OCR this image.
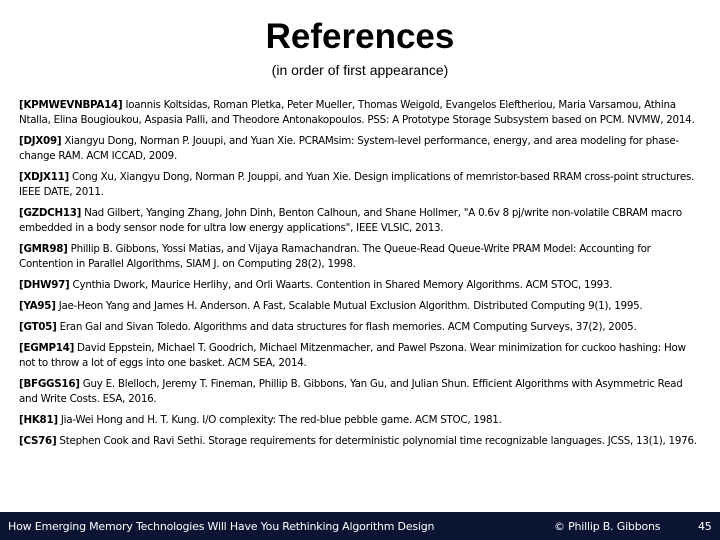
References
(in order of first appearance)

[KPMWEVNBPA14] Ioannis Koltsidas, Roman Pletka, Peter Mueller, Thomas Weigold, Evangelos Eleftheriou, Maria Varsamou, Athina Ntalla, Elina Bougioukou, Aspasia Palli, and Theodore Antonakopoulos. PSS: A Prototype Storage Subsystem based on PCM. NVMW, 2014.

[DJX09] Xiangyu Dong, Norman P. Jouupi, and Yuan Xie. PCRAMsim: System-level performance, energy, and area modeling for phase-change RAM. ACM ICCAD, 2009.

[XDJX11] Cong Xu, Xiangyu Dong, Norman P. Jouppi, and Yuan Xie. Design implications of memristor-based RRAM cross-point structures. IEEE DATE, 2011.

[GZDCH13] Nad Gilbert, Yanging Zhang, John Dinh, Benton Calhoun, and Shane Hollmer, "A 0.6v 8 pj/write non-volatile CBRAM macro embedded in a body sensor node for ultra low energy applications", IEEE VLSIC, 2013.

[GMR98] Phillip B. Gibbons, Yossi Matias, and Vijaya Ramachandran. The Queue-Read Queue-Write PRAM Model: Accounting for Contention in Parallel Algorithms, SIAM J. on Computing 28(2), 1998.

[DHW97] Cynthia Dwork, Maurice Herlihy, and Orli Waarts. Contention in Shared Memory Algorithms. ACM STOC, 1993.

[YA95] Jae-Heon Yang and James H. Anderson. A Fast, Scalable Mutual Exclusion Algorithm. Distributed Computing 9(1), 1995.

[GT05] Eran Gal and Sivan Toledo. Algorithms and data structures for flash memories. ACM Computing Surveys, 37(2), 2005.

[EGMP14] David Eppstein, Michael T. Goodrich, Michael Mitzenmacher, and Pawel Pszona. Wear minimization for cuckoo hashing: How not to throw a lot of eggs into one basket. ACM SEA, 2014.

[BFGGS16] Guy E. Blelloch, Jeremy T. Fineman, Phillip B. Gibbons, Yan Gu, and Julian Shun. Efficient Algorithms with Asymmetric Read and Write Costs. ESA, 2016.

[HK81] Jia-Wei Hong and H. T. Kung. I/O complexity: The red-blue pebble game. ACM STOC, 1981.

[CS76] Stephen Cook and Ravi Sethi. Storage requirements for deterministic polynomial time recognizable languages. JCSS, 13(1), 1976.

How Emerging Memory Technologies Will Have You Rethinking Algorithm Design	© Phillip B. Gibbons	45
